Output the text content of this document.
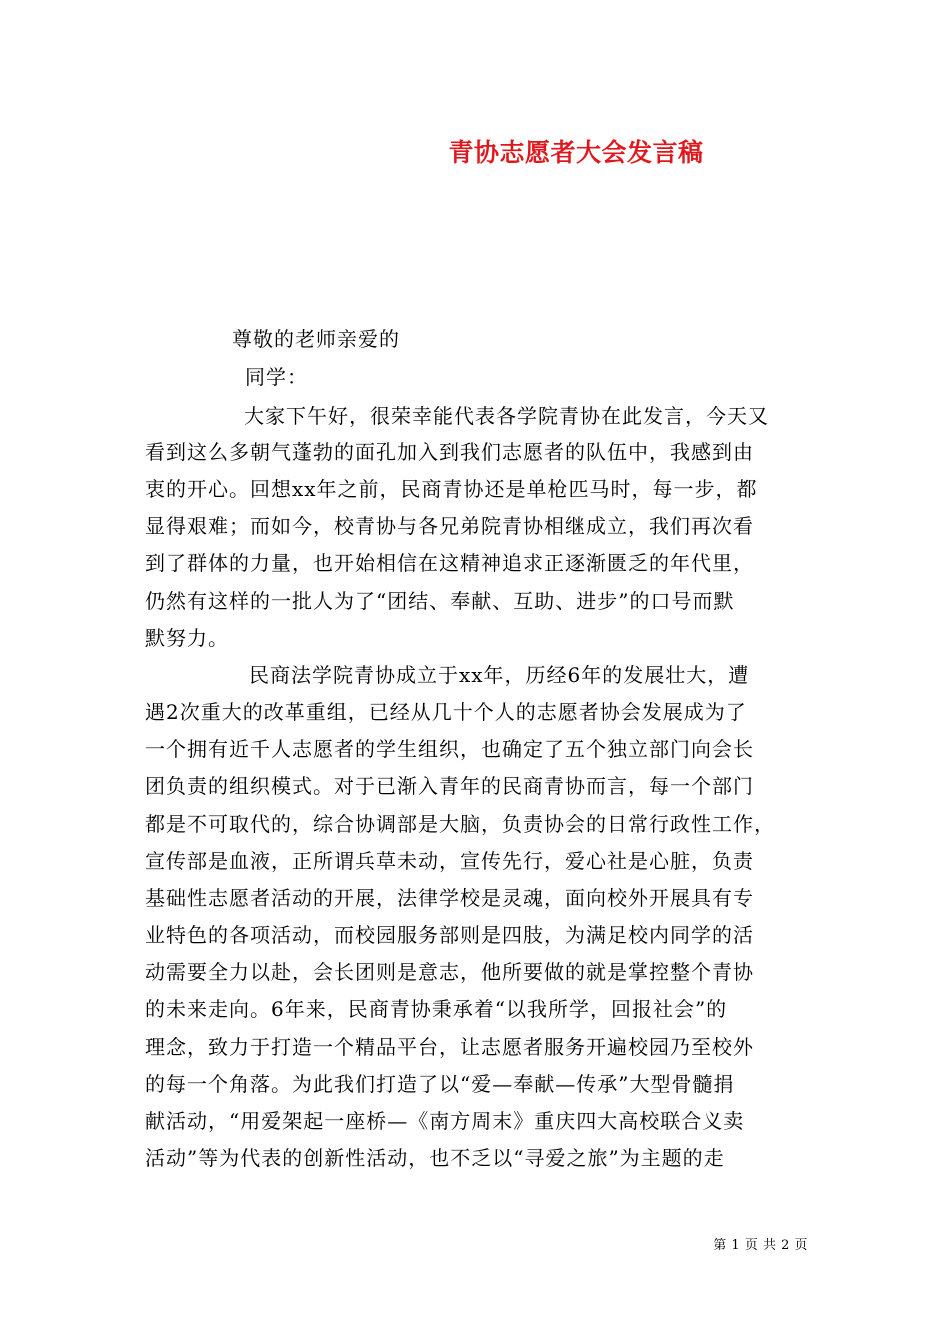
青协志愿者大会发言稿
尊敬的老师亲爱的
同学：
大家下午好，很荣幸能代表各学院青协在此发言，今天又
看到这么多朝气蓬勃的面孔加入到我们志愿者的队伍中，我感到由
衷的开心。回想xx年之前，民商青协还是单枪匹马时，每一步，都
显得艰难；而如今，校青协与各兄弟院青协相继成立，我们再次看
到了群体的力量，也开始相信在这精神追求正逐渐匮乏的年代里，
仍然有这样的一批人为了“团结、奉献、互助、进步”的口号而默
默努力。
民商法学院青协成立于xx年，历经6年的发展壮大，遭
遇2次重大的改革重组，已经从几十个人的志愿者协会发展成为了
一个拥有近千人志愿者的学生组织，也确定了五个独立部门向会长
团负责的组织模式。对于已渐入青年的民商青协而言，每一个部门
都是不可取代的，综合协调部是大脑，负责协会的日常行政性工作，
宣传部是血液，正所谓兵草未动，宣传先行，爱心社是心脏，负责
基础性志愿者活动的开展，法律学校是灵魂，面向校外开展具有专
业特色的各项活动，而校园服务部则是四肢，为满足校内同学的活
动需要全力以赴，会长团则是意志，他所要做的就是掌控整个青协
的未来走向。6年来，民商青协秉承着“以我所学，回报社会”的
理念，致力于打造一个精品平台，让志愿者服务开遍校园乃至校外
的每一个角落。为此我们打造了以“爱—奉献—传承”大型骨髓捐
献活动，“用爱架起一座桥—《南方周末》重庆四大高校联合义卖
活动”等为代表的创新性活动，也不乏以“寻爱之旅”为主题的走
第 1 页 共 2 页
